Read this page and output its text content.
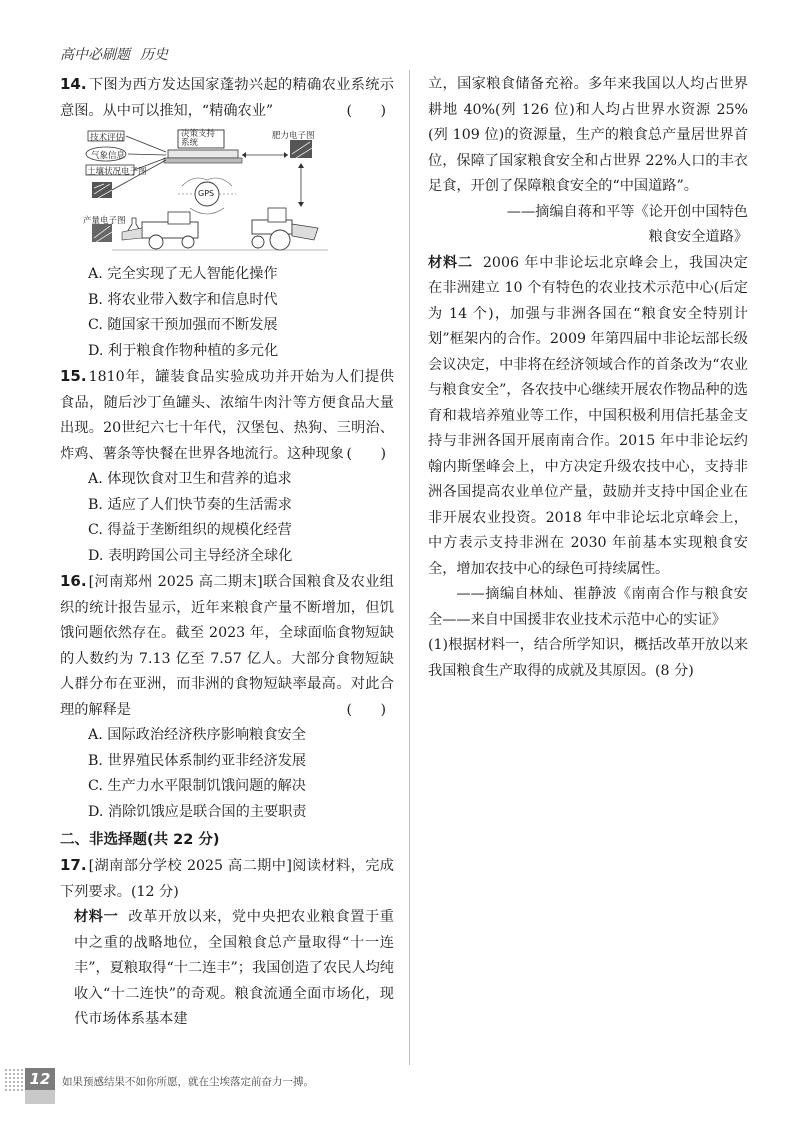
高中必刷题 历史

14. 下图为西方发达国家蓬勃兴起的精确农业系统示意图。从中可以推知，“精确农业”	(　　)

技术评估
气象信息
土壤状况电子图
产量电子图
决策支持系统
肥力电子图
GPS

A. 完全实现了无人智能化操作

B. 将农业带入数字和信息时代

C. 随国家干预加强而不断发展

D. 利于粮食作物种植的多元化

15. 1810年，罐装食品实验成功并开始为人们提供食品，随后沙丁鱼罐头、浓缩牛肉汁等方便食品大量出现。20世纪六七十年代，汉堡包、热狗、三明治、炸鸡、薯条等快餐在世界各地流行。这种现象 (　　)

A. 体现饮食对卫生和营养的追求

B. 适应了人们快节奏的生活需求

C. 得益于垄断组织的规模化经营

D. 表明跨国公司主导经济全球化

16. [河南郑州 2025 高二期末]联合国粮食及农业组织的统计报告显示，近年来粮食产量不断增加，但饥饿问题依然存在。截至 2023 年，全球面临食物短缺的人数约为 7.13 亿至 7.57 亿人。大部分食物短缺人群分布在亚洲，而非洲的食物短缺率最高。对此合理的解释是	(　　)

A. 国际政治经济秩序影响粮食安全

B. 世界殖民体系制约亚非经济发展

C. 生产力水平限制饥饿问题的解决

D. 消除饥饿应是联合国的主要职责

二、非选择题(共 22 分)

17. [湖南部分学校 2025 高二期中]阅读材料，完成下列要求。(12 分)

材料一 改革开放以来，党中央把农业粮食置于重中之重的战略地位，全国粮食总产量取得“十一连丰”，夏粮取得“十二连丰”；我国创造了农民人均纯收入“十二连快”的奇观。粮食流通全面市场化，现代市场体系基本建

立，国家粮食储备充裕。多年来我国以人均占世界耕地 40%(列 126 位)和人均占世界水资源 25%(列 109 位)的资源量，生产的粮食总产量居世界首位，保障了国家粮食安全和占世界 22%人口的丰衣足食，开创了保障粮食安全的“中国道路”。

——摘编自蒋和平等《论开创中国特色

粮食安全道路》

材料二 2006 年中非论坛北京峰会上，我国决定在非洲建立 10 个有特色的农业技术示范中心(后定为 14 个)，加强与非洲各国在“粮食安全特别计划”框架内的合作。2009 年第四届中非论坛部长级会议决定，中非将在经济领域合作的首条改为“农业与粮食安全”，各农技中心继续开展农作物品种的选育和栽培养殖业等工作，中国积极利用信托基金支持与非洲各国开展南南合作。2015 年中非论坛约翰内斯堡峰会上，中方决定升级农技中心，支持非洲各国提高农业单位产量，鼓励并支持中国企业在非开展农业投资。2018 年中非论坛北京峰会上，中方表示支持非洲在 2030 年前基本实现粮食安全，增加农技中心的绿色可持续属性。

——摘编自林灿、崔静波《南南合作与粮食安全——来自中国援非农业技术示范中心的实证》

(1)根据材料一，结合所学知识，概括改革开放以来我国粮食生产取得的成就及其原因。(8 分)

12	如果预感结果不如你所愿，就在尘埃落定前奋力一搏。
